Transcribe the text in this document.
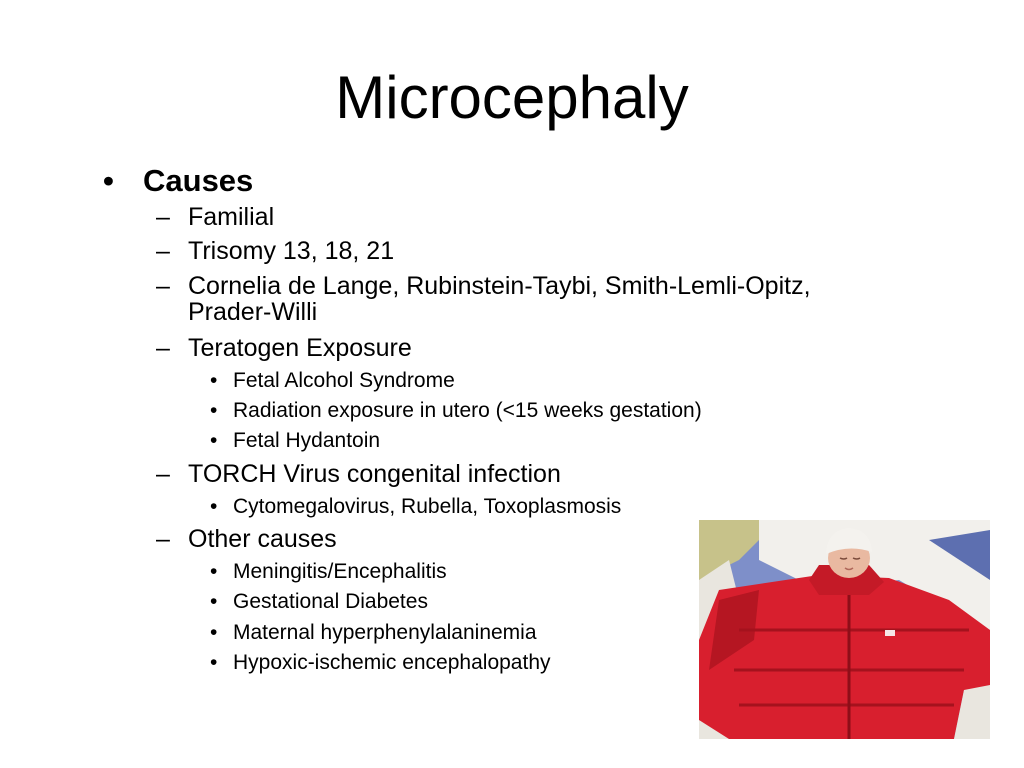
Microcephaly
• Causes
– Familial
– Trisomy 13, 18, 21
– Cornelia de Lange, Rubinstein-Taybi, Smith-Lemli-Opitz,
Prader-Willi
– Teratogen Exposure
• Fetal Alcohol Syndrome
• Radiation exposure in utero (<15 weeks gestation)
• Fetal Hydantoin
– TORCH Virus congenital infection
• Cytomegalovirus, Rubella, Toxoplasmosis
– Other causes
• Meningitis/Encephalitis
• Gestational Diabetes
• Maternal hyperphenylalaninemia
• Hypoxic-ischemic encephalopathy
